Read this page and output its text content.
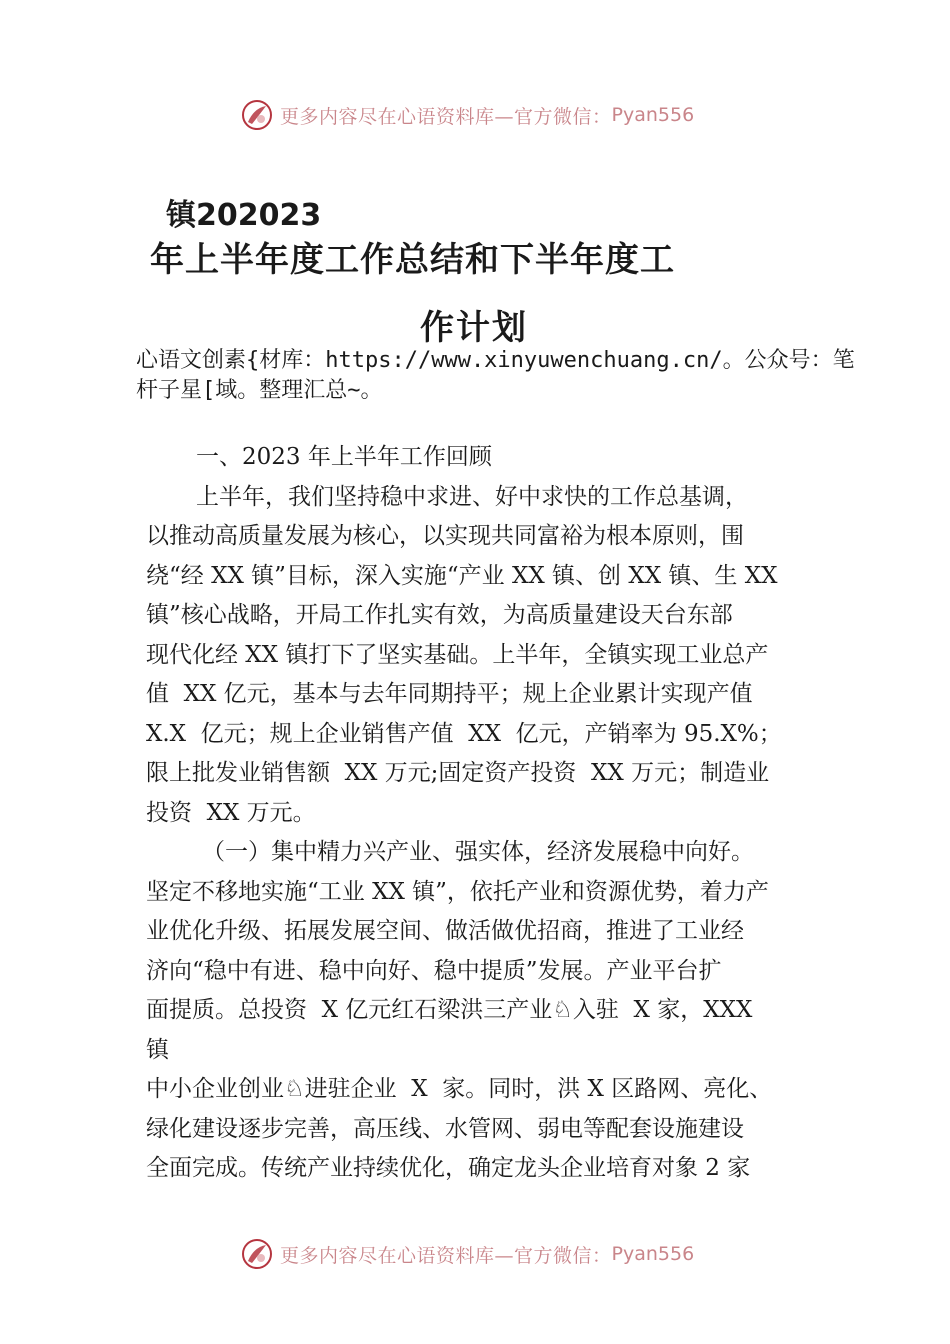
更多内容尽在心语资料库—官方微信： Pyan556
镇202023
年上半年度工作总结和下半年度工
作计划
心语文创素{材库：https://www.xinyuwenchuang.cn/。公众号：笔杆子星[域。整理汇总~。

一、2023 年上半年工作回顾

上半年，我们坚持稳中求进、好中求快的工作总基调，

以推动高质量发展为核心，以实现共同富裕为根本原则，围

绕“经 XX 镇”目标，深入实施“产业 XX 镇、创 XX 镇、生 XX

镇”核心战略，开局工作扎实有效，为高质量建设天台东部

现代化经 XX 镇打下了坚实基础。上半年，全镇实现工业总产

值  XX 亿元，基本与去年同期持平；规上企业累计实现产值

X.X  亿元；规上企业销售产值  XX  亿元，产销率为 95.X%；

限上批发业销售额  XX 万元;固定资产投资  XX 万元；制造业

投资  XX 万元。

（一）集中精力兴产业、强实体，经济发展稳中向好。

坚定不移地实施“工业 XX 镇”，依托产业和资源优势，着力产

业优化升级、拓展发展空间、做活做优招商，推进了工业经

济向“稳中有进、稳中向好、稳中提质”发展。产业平台扩

面提质。总投资  X 亿元红石梁洪三产业♘入驻  X 家，XXX

镇

中小企业创业♘进驻企业  X  家。同时，洪 X 区路网、亮化、

绿化建设逐步完善，高压线、水管网、弱电等配套设施建设

全面完成。传统产业持续优化，确定龙头企业培育对象 2 家

更多内容尽在心语资料库—官方微信： Pyan556
